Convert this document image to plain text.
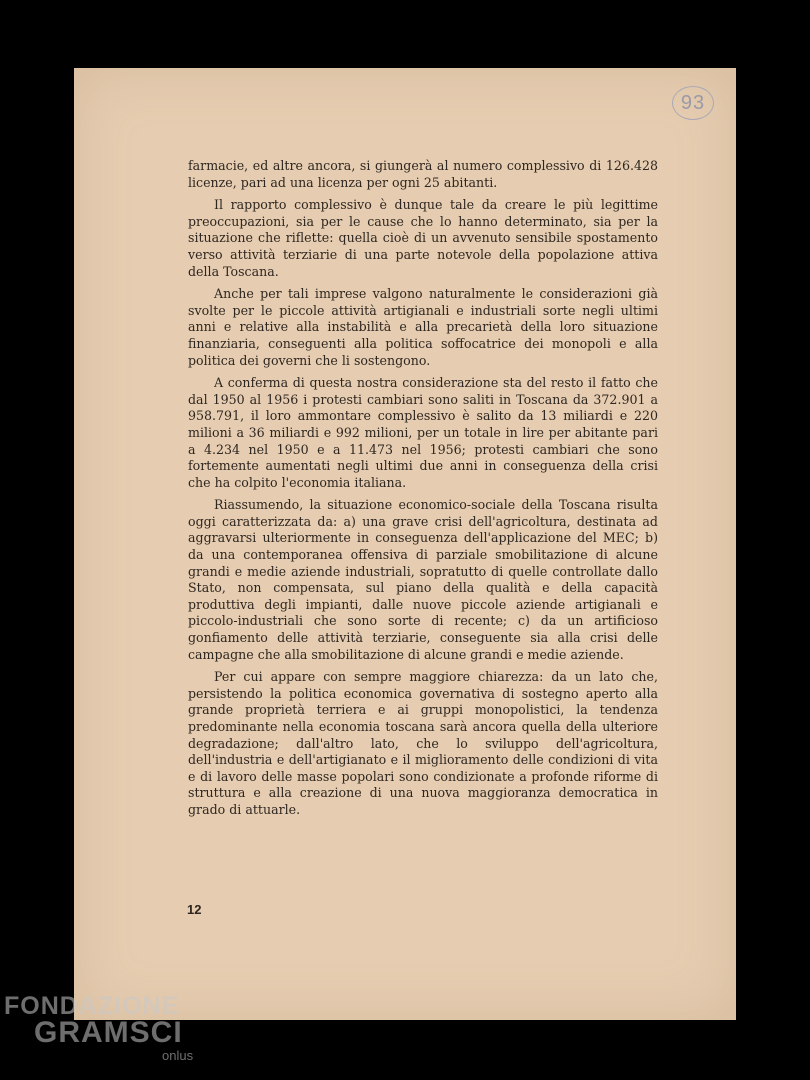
93

farmacie, ed altre ancora, si giungerà al numero complessivo di 126.428 licenze, pari ad una licenza per ogni 25 abitanti.

Il rapporto complessivo è dunque tale da creare le più legittime preoccupazioni, sia per le cause che lo hanno determinato, sia per la situazione che riflette: quella cioè di un avvenuto sensibile spostamento verso attività terziarie di una parte notevole della popolazione attiva della Toscana.

Anche per tali imprese valgono naturalmente le considerazioni già svolte per le piccole attività artigianali e industriali sorte negli ultimi anni e relative alla instabilità e alla precarietà della loro situazione finanziaria, conseguenti alla politica soffocatrice dei monopoli e alla politica dei governi che li sostengono.

A conferma di questa nostra considerazione sta del resto il fatto che dal 1950 al 1956 i protesti cambiari sono saliti in Toscana da 372.901 a 958.791, il loro ammontare complessivo è salito da 13 miliardi e 220 milioni a 36 miliardi e 992 milioni, per un totale in lire per abitante pari a 4.234 nel 1950 e a 11.473 nel 1956; protesti cambiari che sono fortemente aumentati negli ultimi due anni in conseguenza della crisi che ha colpito l'economia italiana.

Riassumendo, la situazione economico-sociale della Toscana risulta oggi caratterizzata da: a) una grave crisi dell'agricoltura, destinata ad aggravarsi ulteriormente in conseguenza dell'applicazione del MEC; b) da una contemporanea offensiva di parziale smobilitazione di alcune grandi e medie aziende industriali, sopratutto di quelle controllate dallo Stato, non compensata, sul piano della qualità e della capacità produttiva degli impianti, dalle nuove piccole aziende artigianali e piccolo-industriali che sono sorte di recente; c) da un artificioso gonfiamento delle attività terziarie, conseguente sia alla crisi delle campagne che alla smobilitazione di alcune grandi e medie aziende.

Per cui appare con sempre maggiore chiarezza: da un lato che, persistendo la politica economica governativa di sostegno aperto alla grande proprietà terriera e ai gruppi monopolistici, la tendenza predominante nella economia toscana sarà ancora quella della ulteriore degradazione; dall'altro lato, che lo sviluppo dell'agricoltura, dell'industria e dell'artigianato e il miglioramento delle condizioni di vita e di lavoro delle masse popolari sono condizionate a profonde riforme di struttura e alla creazione di una nuova maggioranza democratica in grado di attuarle.

12
FONDAZIONE
GRAMSCI
onlus
